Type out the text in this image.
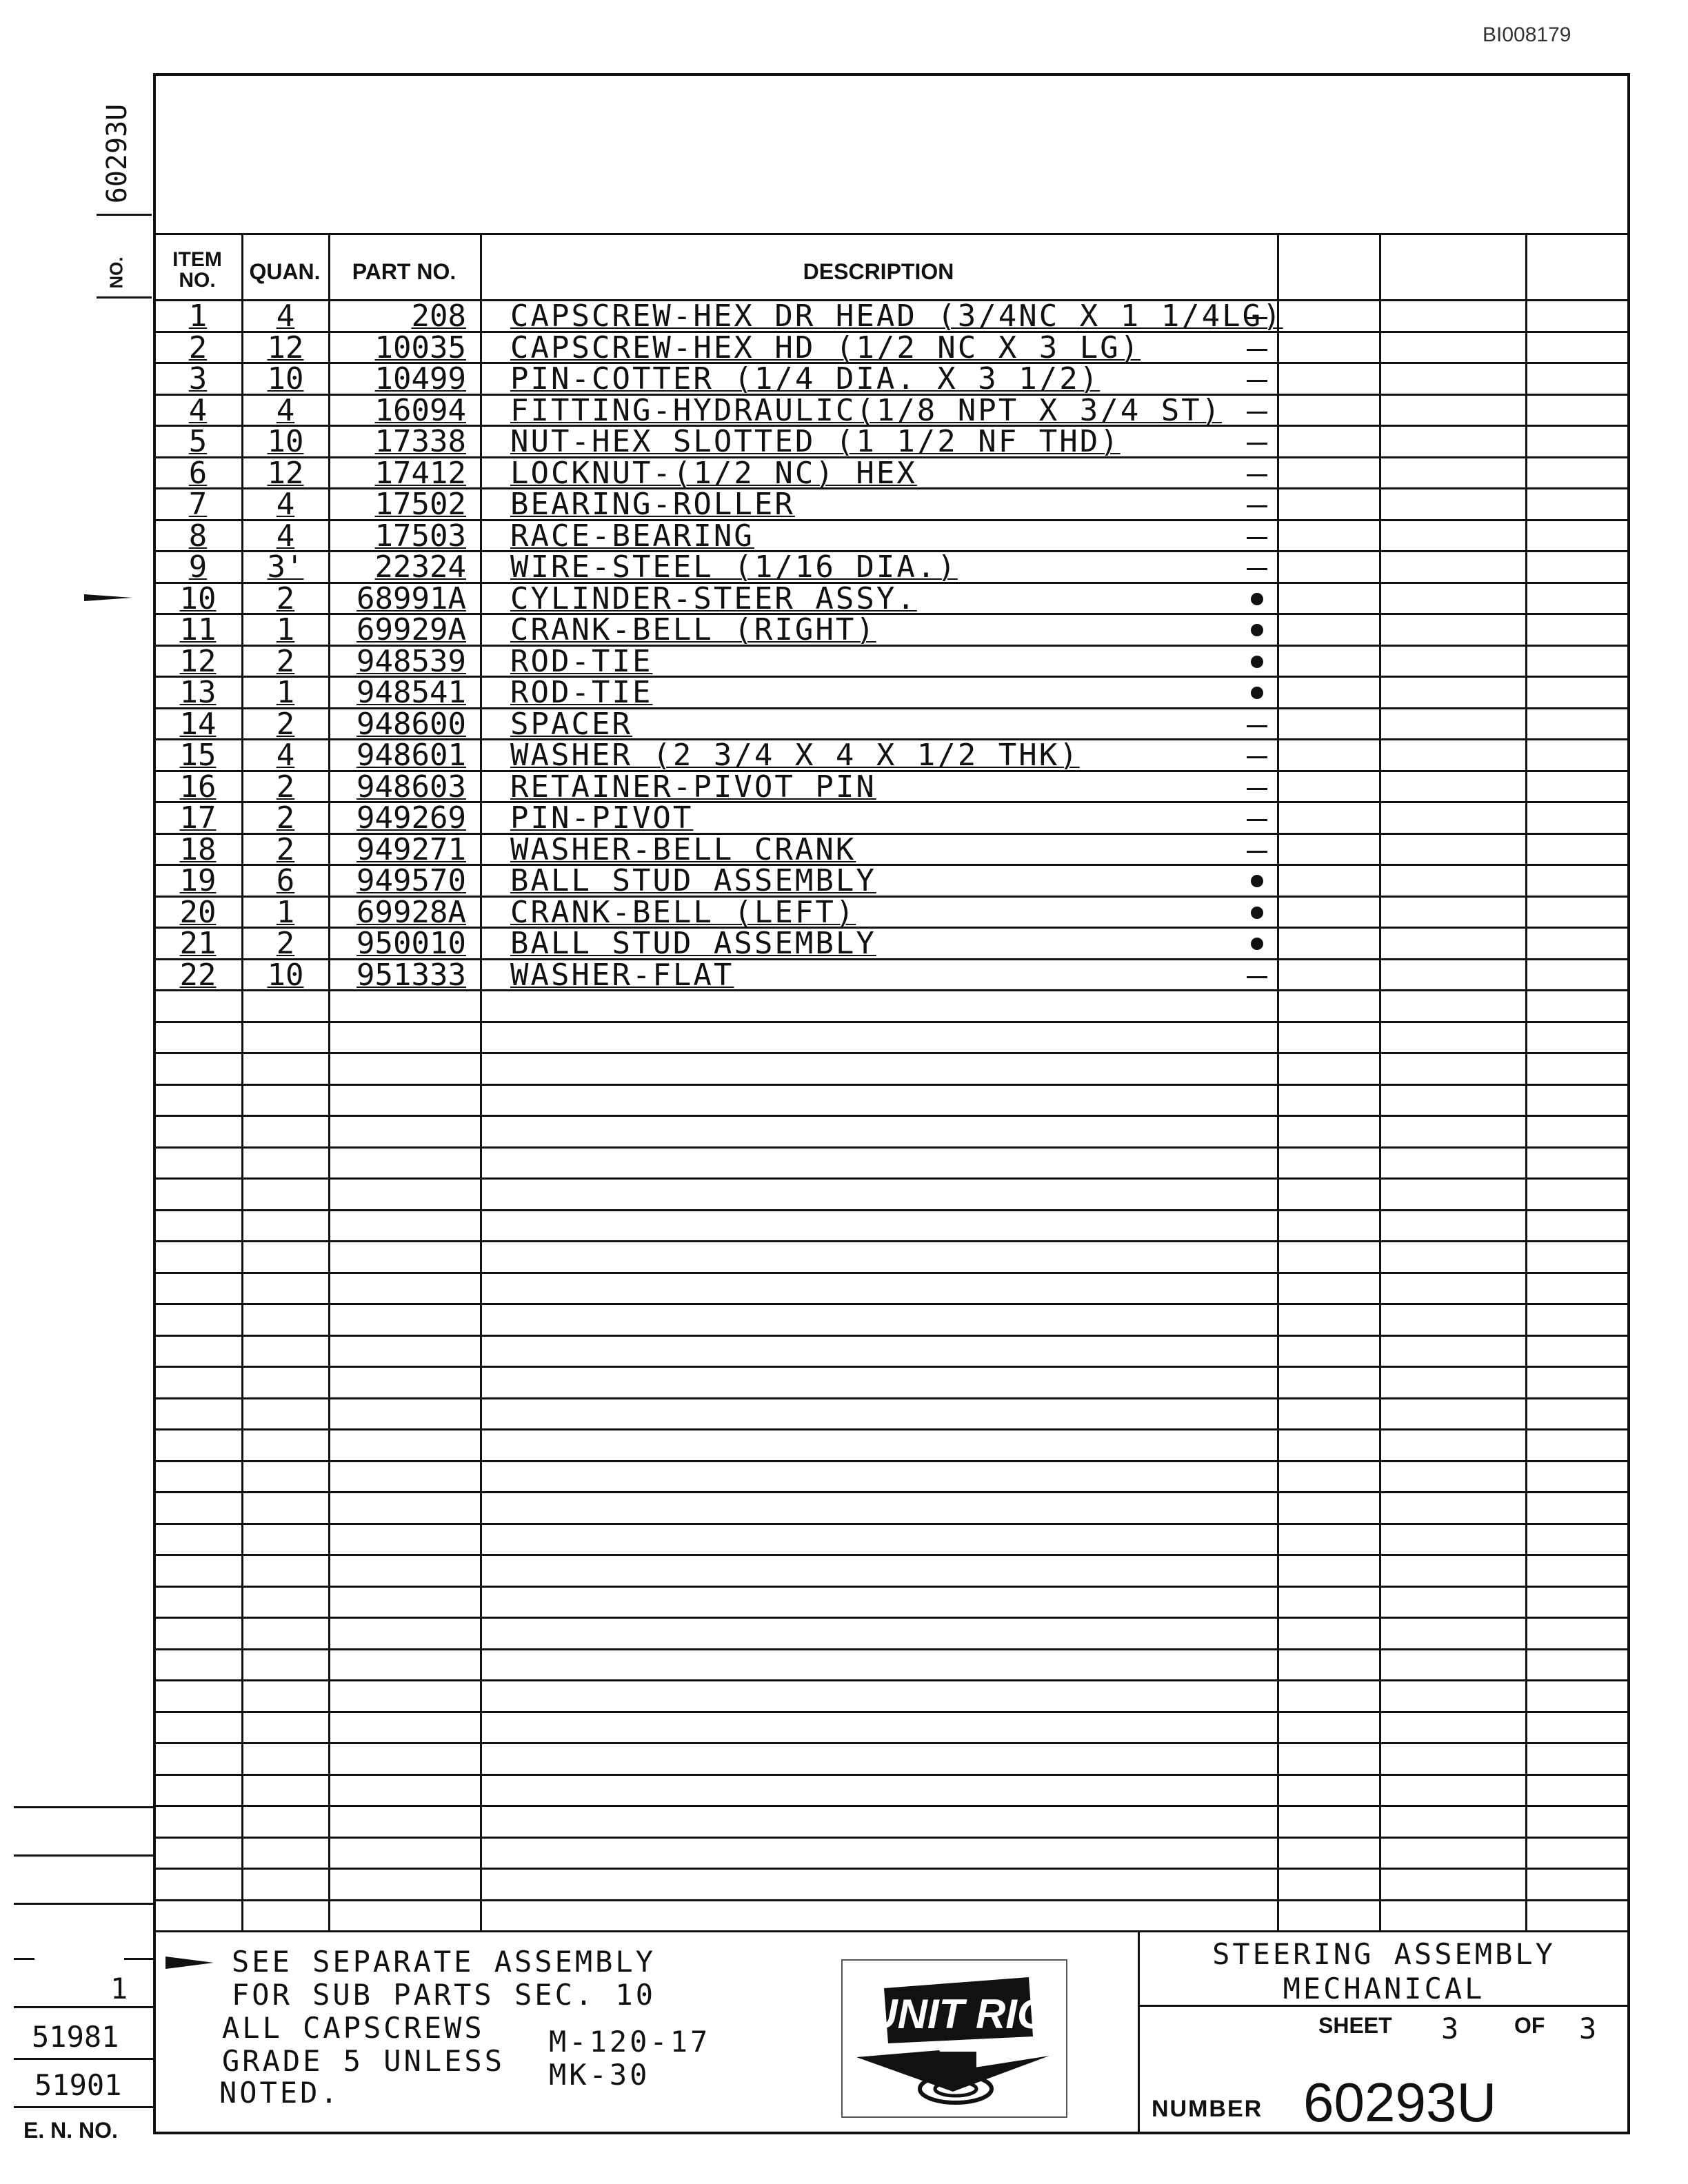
BI008179
60293U
NO.	ITEM
NO.	QUAN.	PART NO.	DESCRIPTION
1	4	208 CAPSCREW-HEX DR HEAD (3/4NC X 1 1/4LG)
2	12	10035 CAPSCREW-HEX HD (1/2 NC X 3 LG)
3	10	10499 PIN-COTTER (1/4 DIA. X 3 1/2)
4	4	16094 FITTING-HYDRAULIC(1/8 NPT X 3/4 ST)
5	10	17338 NUT-HEX SLOTTED (1 1/2 NF THD)
6	12	17412 LOCKNUT-(1/2 NC) HEX
7	4	17502 BEARING-ROLLER
8	4	17503 RACE-BEARING
9	3'	22324 WIRE-STEEL (1/16 DIA.)
10	2	68991A CYLINDER-STEER ASSY.
11	1	69929A CRANK-BELL (RIGHT)
12	2	948539 ROD-TIE
13	1	948541 ROD-TIE
14	2	948600 SPACER
15	4	948601 WASHER (2 3/4 X 4 X 1/2 THK)
16	2	948603 RETAINER-PIVOT PIN
17	2	949269 PIN-PIVOT
18	2	949271 WASHER-BELL CRANK
19	6	949570 BALL STUD ASSEMBLY
20	1	69928A CRANK-BELL (LEFT)
21	2	950010 BALL STUD ASSEMBLY
22	10	951333 WASHER-FLAT
1
51981
51901
E. N. NO.
SEE SEPARATE ASSEMBLY
FOR SUB PARTS SEC. 10
ALL CAPSCREWS
GRADE 5 UNLESS
NOTED.
M-120-17
MK-30
UNIT RIG
STEERING ASSEMBLY
MECHANICAL
SHEET 3	OF 3
NUMBER 60293U
